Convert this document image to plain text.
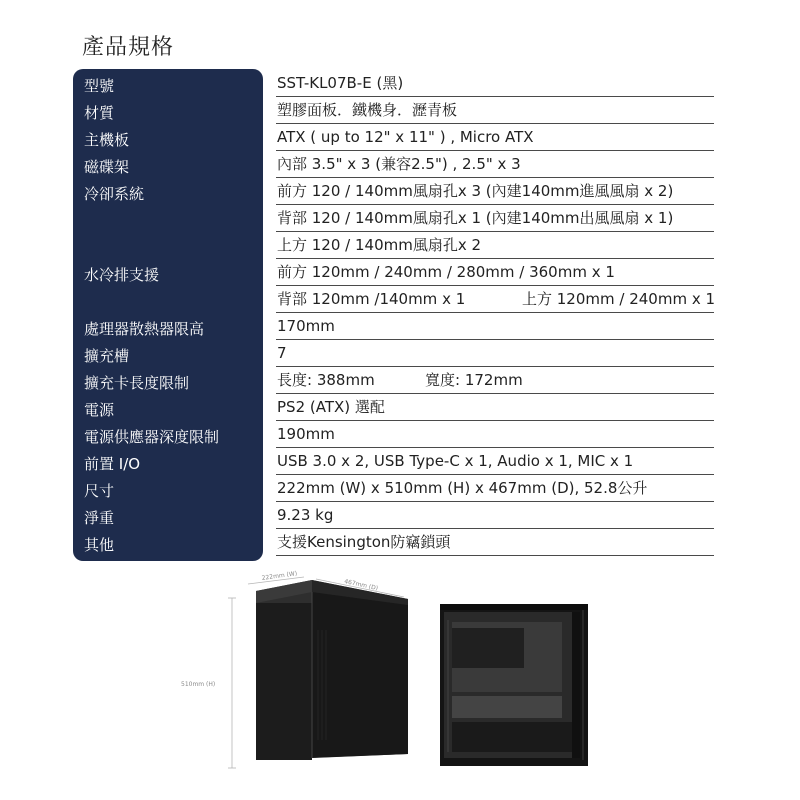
產品規格
型號
材質
主機板
磁碟架
冷卻系統
水冷排支援
處理器散熱器限高
擴充槽
擴充卡長度限制
電源
電源供應器深度限制
前置 I/O
尺寸
淨重
其他
SST-KL07B-E (黑)
塑膠面板．鐵機身．瀝青板
ATX ( up to 12" x 11" ) , Micro ATX
內部 3.5" x 3 (兼容2.5") , 2.5" x 3
前方 120 / 140mm風扇孔x 3 (內建140mm進風風扇 x 2)
背部 120 / 140mm風扇孔x 1 (內建140mm出風風扇 x 1)
上方 120 / 140mm風扇孔x 2
前方 120mm / 240mm / 280mm / 360mm x 1
背部 120mm /140mm x 1	上方 120mm / 240mm x 1
170mm
7
長度: 388mm	寬度: 172mm
PS2 (ATX) 選配
190mm
USB 3.0 x 2, USB Type-C x 1, Audio x 1, MIC x 1
222mm (W) x 510mm (H) x 467mm (D), 52.8公升
9.23 kg
支援Kensington防竊鎖頭
222mm (W)
467mm (D)
510mm (H)
